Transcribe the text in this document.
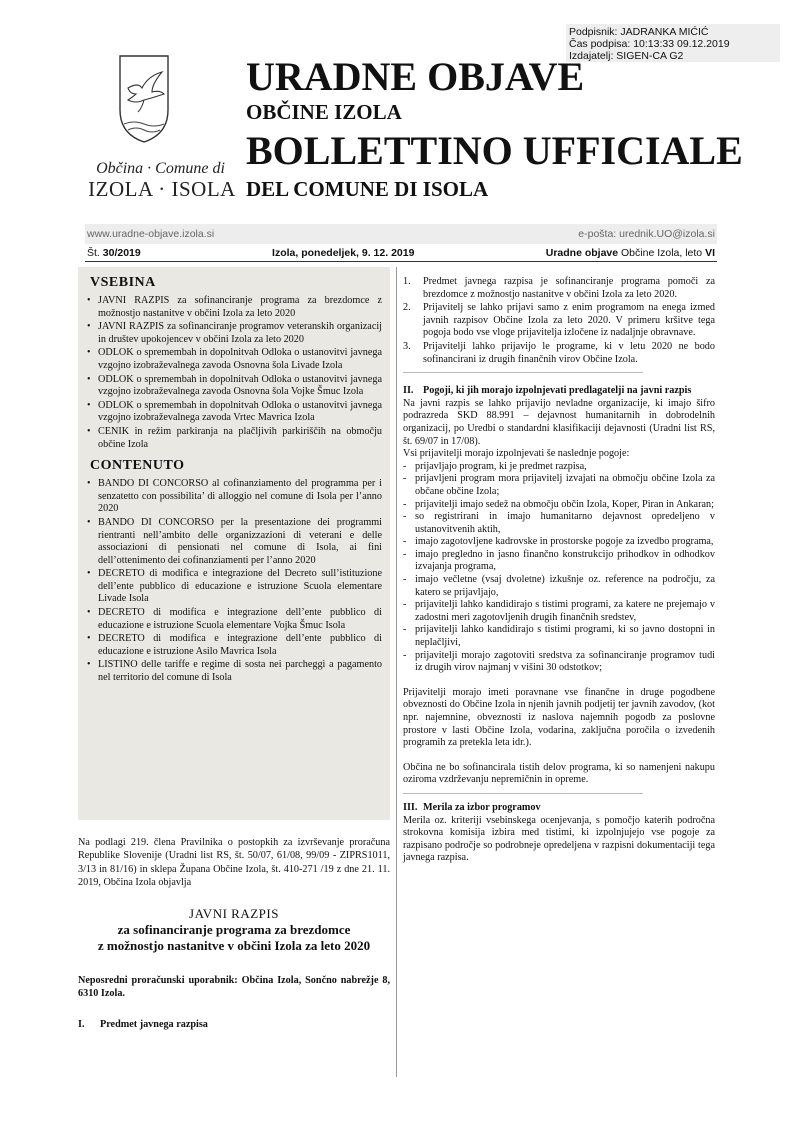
Podpisnik: JADRANKA MIĆIĆ
Čas podpisa: 10:13:33 09.12.2019
Izdajatelj: SIGEN-CA G2
Občina · Comune di
IZOLA · ISOLA
URADNE OBJAVE
OBČINE IZOLA
BOLLETTINO UFFICIALE
DEL COMUNE DI ISOLA
www.uradne-objave.izola.si	e-pošta: urednik.UO@izola.si
Št. 30/2019	Izola, ponedeljek, 9. 12. 2019	Uradne objave Občine Izola, leto VI
VSEBINA
• JAVNI RAZPIS za sofinanciranje programa za brezdomce z možnostjo nastanitve v občini Izola za leto 2020
• JAVNI RAZPIS za sofinanciranje programov veteranskih organizacij in društev upokojencev v občini Izola za leto 2020
• ODLOK o spremembah in dopolnitvah Odloka o ustanovitvi javnega vzgojno izobraževalnega zavoda Osnovna šola Livade Izola
• ODLOK o spremembah in dopolnitvah Odloka o ustanovitvi javnega vzgojno izobraževalnega zavoda Osnovna šola Vojke Šmuc Izola
• ODLOK o spremembah in dopolnitvah Odloka o ustanovitvi javnega vzgojno izobraževalnega zavoda Vrtec Mavrica Izola
• CENIK in režim parkiranja na plačljivih parkiriščih na območju občine Izola
CONTENUTO
• BANDO DI CONCORSO al cofinanziamento del programma per i senzatetto con possibilita’ di alloggio nel comune di Isola per l’anno 2020
• BANDO DI CONCORSO per la presentazione dei programmi rientranti nell’ambito delle organizzazioni di veterani e delle associazioni di pensionati nel comune di Isola, ai fini dell’ottenimento dei cofinanziamenti per l’anno 2020
• DECRETO di modifica e integrazione del Decreto sull’istituzione dell’ente pubblico di educazione e istruzione Scuola elementare Livade Isola
• DECRETO di modifica e integrazione dell’ente pubblico di educazione e istruzione Scuola elementare Vojka Šmuc Isola
• DECRETO di modifica e integrazione dell’ente pubblico di educazione e istruzione Asilo Mavrica Isola
• LISTINO delle tariffe e regime di sosta nei parcheggi a pagamento nel territorio del comune di Isola

Na podlagi 219. člena Pravilnika o postopkih za izvrševanje proračuna Republike Slovenije (Uradni list RS, št. 50/07, 61/08, 99/09 - ZIPRS1011, 3/13 in 81/16) in sklepa Župana Občine Izola, št. 410-271 /19 z dne 21. 11. 2019, Občina Izola objavlja

JAVNI RAZPIS
za sofinanciranje programa za brezdomce
z možnostjo nastanitve v občini Izola za leto 2020

Neposredni proračunski uporabnik: Občina Izola, Sončno nabrežje 8, 6310 Izola.

I. Predmet javnega razpisa
1. Predmet javnega razpisa je sofinanciranje programa pomoči za brezdomce z možnostjo nastanitve v občini Izola za leto 2020.
2. Prijavitelj se lahko prijavi samo z enim programom na enega izmed javnih razpisov Občine Izola za leto 2020. V primeru kršitve tega pogoja bodo vse vloge prijavitelja izločene iz nadaljnje obravnave.
3. Prijavitelji lahko prijavijo le programe, ki v letu 2020 ne bodo sofinancirani iz drugih finančnih virov Občine Izola.
II. Pogoji, ki jih morajo izpolnjevati predlagatelji na javni razpis

Na javni razpis se lahko prijavijo nevladne organizacije, ki imajo šifro podrazreda SKD 88.991 – dejavnost humanitarnih in dobrodelnih organizacij, po Uredbi o standardni klasifikaciji dejavnosti (Uradni list RS, št. 69/07 in 17/08).

Vsi prijavitelji morajo izpolnjevati še naslednje pogoje:

- prijavljajo program, ki je predmet razpisa,
- prijavljeni program mora prijavitelj izvajati na območju občine Izola za občane občine Izola;
- prijavitelji imajo sedež na območju občin Izola, Koper, Piran in Ankaran;
- so registrirani in imajo humanitarno dejavnost opredeljeno v ustanovitvenih aktih,
- imajo zagotovljene kadrovske in prostorske pogoje za izvedbo programa,
- imajo pregledno in jasno finančno konstrukcijo prihodkov in odhodkov izvajanja programa,
- imajo večletne (vsaj dvoletne) izkušnje oz. reference na področju, za katero se prijavljajo,
- prijavitelji lahko kandidirajo s tistimi programi, za katere ne prejemajo v zadostni meri zagotovljenih drugih finančnih sredstev,
- prijavitelji lahko kandidirajo s tistimi programi, ki so javno dostopni in neplačljivi,
- prijavitelji morajo zagotoviti sredstva za sofinanciranje programov tudi iz drugih virov najmanj v višini 30 odstotkov;

Prijavitelji morajo imeti poravnane vse finančne in druge pogodbene obveznosti do Občine Izola in njenih javnih podjetij ter javnih zavodov, (kot npr. najemnine, obveznosti iz naslova najemnih pogodb za poslovne prostore v lasti Občine Izola, vodarina, zaključna poročila o izvedenih programih za pretekla leta idr.).

Občina ne bo sofinancirala tistih delov programa, ki so namenjeni nakupu oziroma vzdrževanju nepremičnin in opreme.

III. Merila za izbor programov

Merila oz. kriteriji vsebinskega ocenjevanja, s pomočjo katerih področna strokovna komisija izbira med tistimi, ki izpolnjujejo vse pogoje za razpisano področje so podrobneje opredeljena v razpisni dokumentaciji tega javnega razpisa.
